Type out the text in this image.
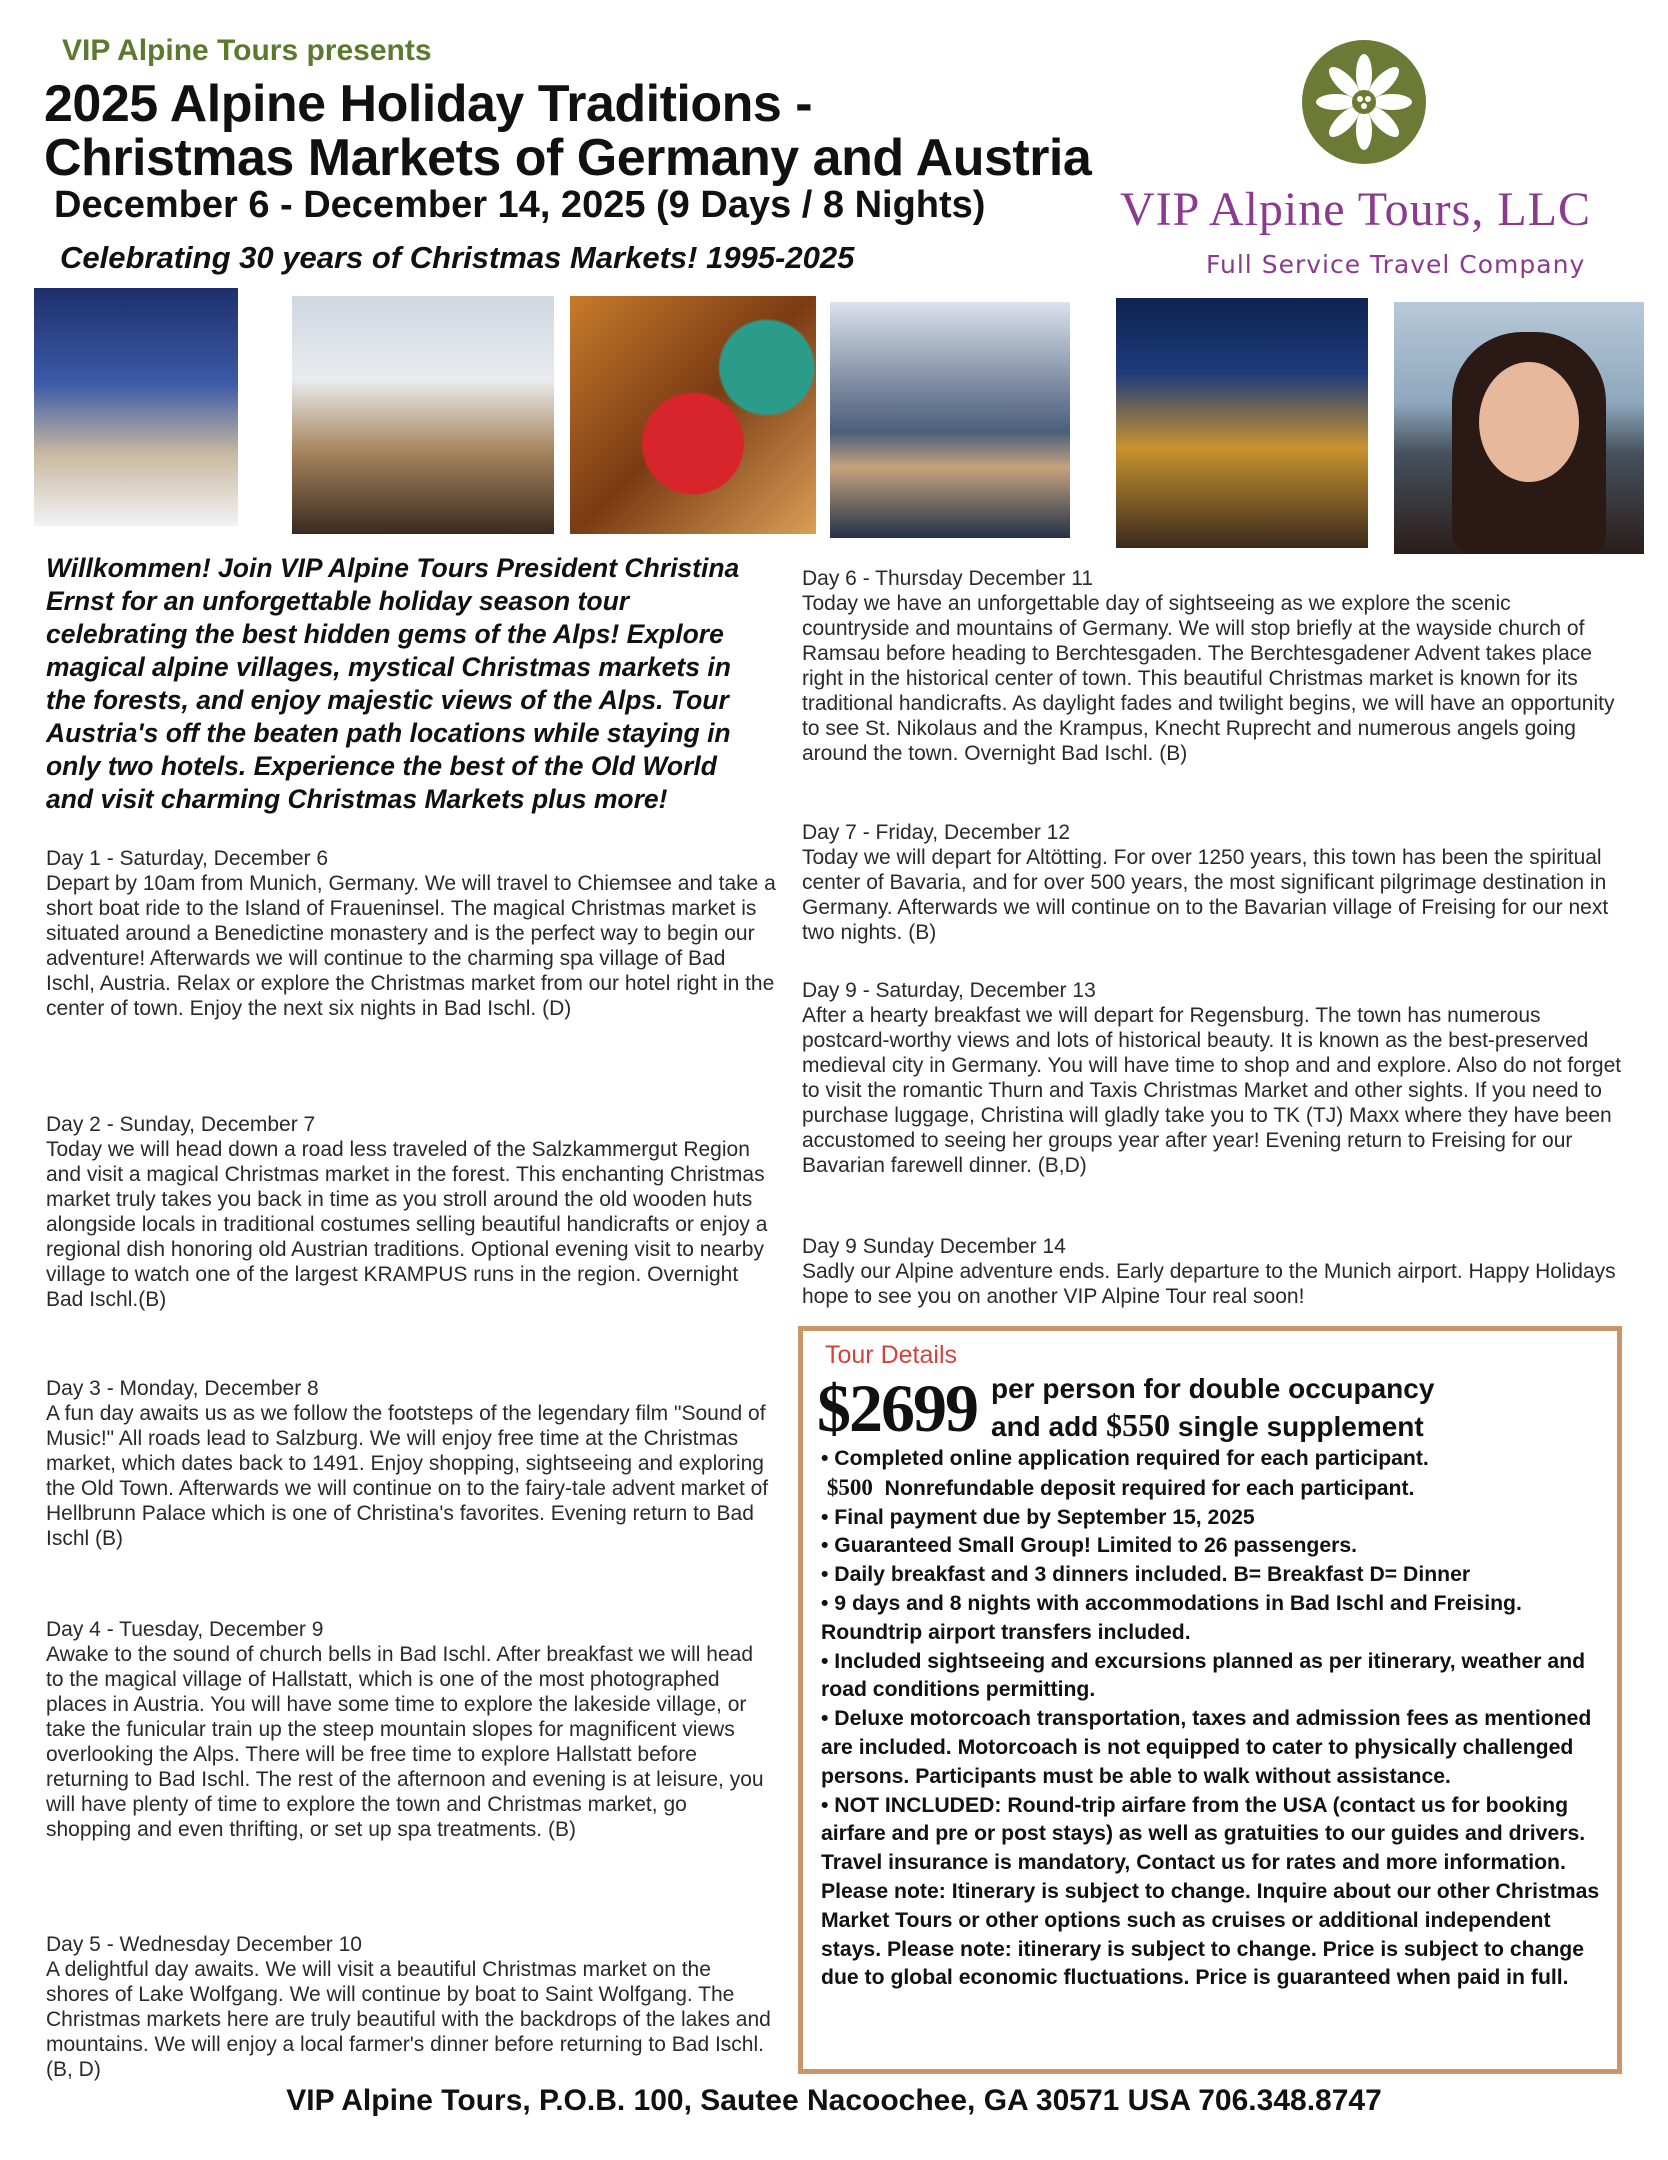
VIP Alpine Tours presents
2025 Alpine Holiday Traditions -
Christmas Markets of Germany and Austria
December 6 - December 14, 2025 (9 Days / 8 Nights)
Celebrating 30 years of Christmas Markets! 1995-2025
VIP Alpine Tours, LLC
Full Service Travel Company
Willkommen! Join VIP Alpine Tours President Christina Ernst for an unforgettable holiday season tour celebrating the best hidden gems of the Alps! Explore magical alpine villages, mystical Christmas markets in the forests, and enjoy majestic views of the Alps. Tour Austria's off the beaten path locations while staying in only two hotels. Experience the best of the Old World and visit charming Christmas Markets plus more!
Day 1 - Saturday, December 6
Depart by 10am from Munich, Germany. We will travel to Chiemsee and take a short boat ride to the Island of Fraueninsel. The magical Christmas market is situated around a Benedictine monastery and is the perfect way to begin our adventure! Afterwards we will continue to the charming spa village of Bad Ischl, Austria. Relax or explore the Christmas market from our hotel right in the center of town. Enjoy the next six nights in Bad Ischl. (D)
Day 2 - Sunday, December 7
Today we will head down a road less traveled of the Salzkammergut Region and visit a magical Christmas market in the forest. This enchanting Christmas market truly takes you back in time as you stroll around the old wooden huts alongside locals in traditional costumes selling beautiful handicrafts or enjoy a regional dish honoring old Austrian traditions. Optional evening visit to nearby village to watch one of the largest KRAMPUS runs in the region. Overnight Bad Ischl.(B)
Day 3 - Monday, December 8
A fun day awaits us as we follow the footsteps of the legendary film "Sound of Music!" All roads lead to Salzburg. We will enjoy free time at the Christmas market, which dates back to 1491. Enjoy shopping, sightseeing and exploring the Old Town. Afterwards we will continue on to the fairy-tale advent market of Hellbrunn Palace which is one of Christina's favorites. Evening return to Bad Ischl (B)
Day 4 - Tuesday, December 9
Awake to the sound of church bells in Bad Ischl. After breakfast we will head to the magical village of Hallstatt, which is one of the most photographed places in Austria. You will have some time to explore the lakeside village, or take the funicular train up the steep mountain slopes for magnificent views overlooking the Alps. There will be free time to explore Hallstatt before returning to Bad Ischl. The rest of the afternoon and evening is at leisure, you will have plenty of time to explore the town and Christmas market, go shopping and even thrifting, or set up spa treatments. (B)
Day 5 - Wednesday December 10
A delightful day awaits. We will visit a beautiful Christmas market on the shores of Lake Wolfgang. We will continue by boat to Saint Wolfgang. The Christmas markets here are truly beautiful with the backdrops of the lakes and mountains. We will enjoy a local farmer's dinner before returning to Bad Ischl. (B, D)
Day 6 - Thursday December 11
Today we have an unforgettable day of sightseeing as we explore the scenic countryside and mountains of Germany. We will stop briefly at the wayside church of Ramsau before heading to Berchtesgaden. The Berchtesgadener Advent takes place right in the historical center of town. This beautiful Christmas market is known for its traditional handicrafts. As daylight fades and twilight begins, we will have an opportunity to see St. Nikolaus and the Krampus, Knecht Ruprecht and numerous angels going around the town. Overnight Bad Ischl. (B)
Day 7 - Friday, December 12
Today we will depart for Altötting. For over 1250 years, this town has been the spiritual center of Bavaria, and for over 500 years, the most significant pilgrimage destination in Germany. Afterwards we will continue on to the Bavarian village of Freising for our next two nights. (B)
Day 9 - Saturday, December 13
After a hearty breakfast we will depart for Regensburg. The town has numerous postcard-worthy views and lots of historical beauty. It is known as the best-preserved medieval city in Germany. You will have time to shop and and explore. Also do not forget to visit the romantic Thurn and Taxis Christmas Market and other sights. If you need to purchase luggage, Christina will gladly take you to TK (TJ) Maxx where they have been accustomed to seeing her groups year after year! Evening return to Freising for our Bavarian farewell dinner. (B,D)
Day 9 Sunday December 14
Sadly our Alpine adventure ends. Early departure to the Munich airport. Happy Holidays hope to see you on another VIP Alpine Tour real soon!
Tour Details
$2699 per person for double occupancy
and add $550 single supplement
• Completed online application required for each participant.
$500 Nonrefundable deposit required for each participant.
• Final payment due by September 15, 2025
• Guaranteed Small Group! Limited to 26 passengers.
• Daily breakfast and 3 dinners included. B= Breakfast D= Dinner
• 9 days and 8 nights with accommodations in Bad Ischl and Freising. Roundtrip airport transfers included.
• Included sightseeing and excursions planned as per itinerary, weather and road conditions permitting.
• Deluxe motorcoach transportation, taxes and admission fees as mentioned are included. Motorcoach is not equipped to cater to physically challenged persons. Participants must be able to walk without assistance.
• NOT INCLUDED: Round-trip airfare from the USA (contact us for booking airfare and pre or post stays) as well as gratuities to our guides and drivers. Travel insurance is mandatory, Contact us for rates and more information. Please note: Itinerary is subject to change. Inquire about our other Christmas Market Tours or other options such as cruises or additional independent stays. Please note: itinerary is subject to change. Price is subject to change due to global economic fluctuations. Price is guaranteed when paid in full.
VIP Alpine Tours, P.O.B. 100, Sautee Nacoochee, GA 30571 USA 706.348.8747
